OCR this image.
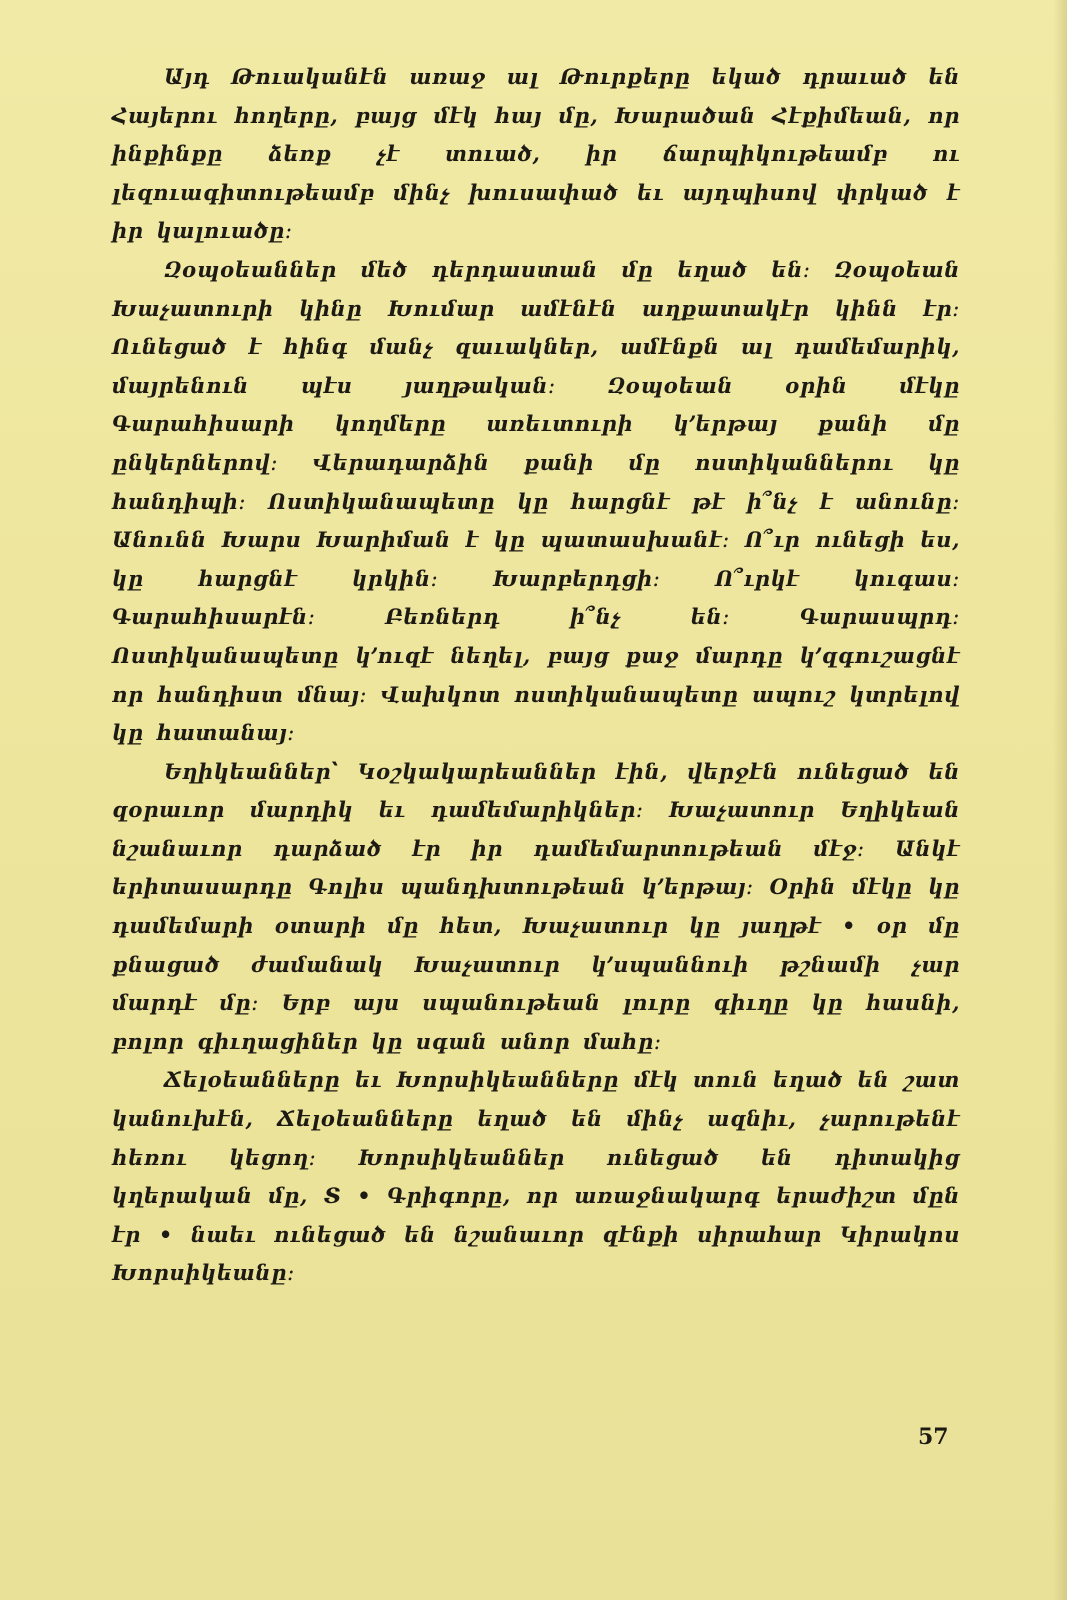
Այդ Թուականէն առաջ ալ Թուրքերը եկած դրաւած են Հայերու հողերը, բայց մէկ հայ մը, Խարածան Հէքիմեան, որ ինքինքը ձեռք չէ տուած, իր ճարպիկութեամբ ու լեզուագիտութեամբ մինչ խուսափած եւ այդպիսով փրկած է իր կալուածը։

Զօպօեաններ մեծ դերդաստան մը եղած են։ Զօպօեան Խաչատուրի կինը Խումար ամէնէն աղքատակէր կինն էր։ Ունեցած է հինգ մանչ զաւակներ, ամէնքն ալ դամեմարիկ, մայրենուն պէս յաղթական։ Զօպօեան օրին մէկը Գարահիսարի կողմերը առեւտուրի կ՚երթայ քանի մը ընկերներով։ Վերադարձին քանի մը ոստիկաններու կը հանդիպի։ Ոստիկանապետը կը հարցնէ թէ ի՞նչ է անունը։ Անունն Խարս Խարիման է կը պատասխանէ։ Ո՞ւր ունեցի ես, կը հարցնէ կրկին։ Խարբերդցի։ Ո՞ւրկէ կուգաս։ Գարահիսարէն։ Բեռներդ ի՞նչ են։ Գարասպրդ։ Ոստիկանապետը կ՚ուզէ նեղել, բայց քաջ մարդը կ՚զգուշացնէ որ հանդիստ մնայ։ Վախկոտ ոստիկանապետը ապուշ կտրելով կը հատանայ։

Եղիկեաններ՝ Կօշկակարեաններ էին, վերջէն ունեցած են զօրաւոր մարդիկ եւ դամեմարիկներ։ Խաչատուր Եղիկեան նշանաւոր դարձած էր իր դամեմարտութեան մէջ։ Անկէ երիտասարդը Գոլիս պանդխտութեան կ՚երթայ։ Օրին մէկը կը դամեմարի օտարի մը հետ, Խաչատուր կը յաղթէ • օր մը քնացած ժամանակ Խաչատուր կ՚սպաննուի թշնամի չար մարդէ մը։ Երբ այս սպանութեան լուրը գիւղը կը հասնի, բոլոր գիւղացիներ կը սգան անոր մահը։

Ճելօեանները եւ Խորսիկեանները մէկ տուն եղած են շատ կանուխէն, Ճելօեանները եղած են մինչ ազնիւ, չարութենէ հեռու կեցող։ Խորսիկեաններ ունեցած են դիտակից կղերական մը, Տ • Գրիգորը, որ առաջնակարգ երաժիշտ մըն էր • նաեւ ունեցած են նշանաւոր զէնքի սիրահար Կիրակոս Խորսիկեանը։

57
